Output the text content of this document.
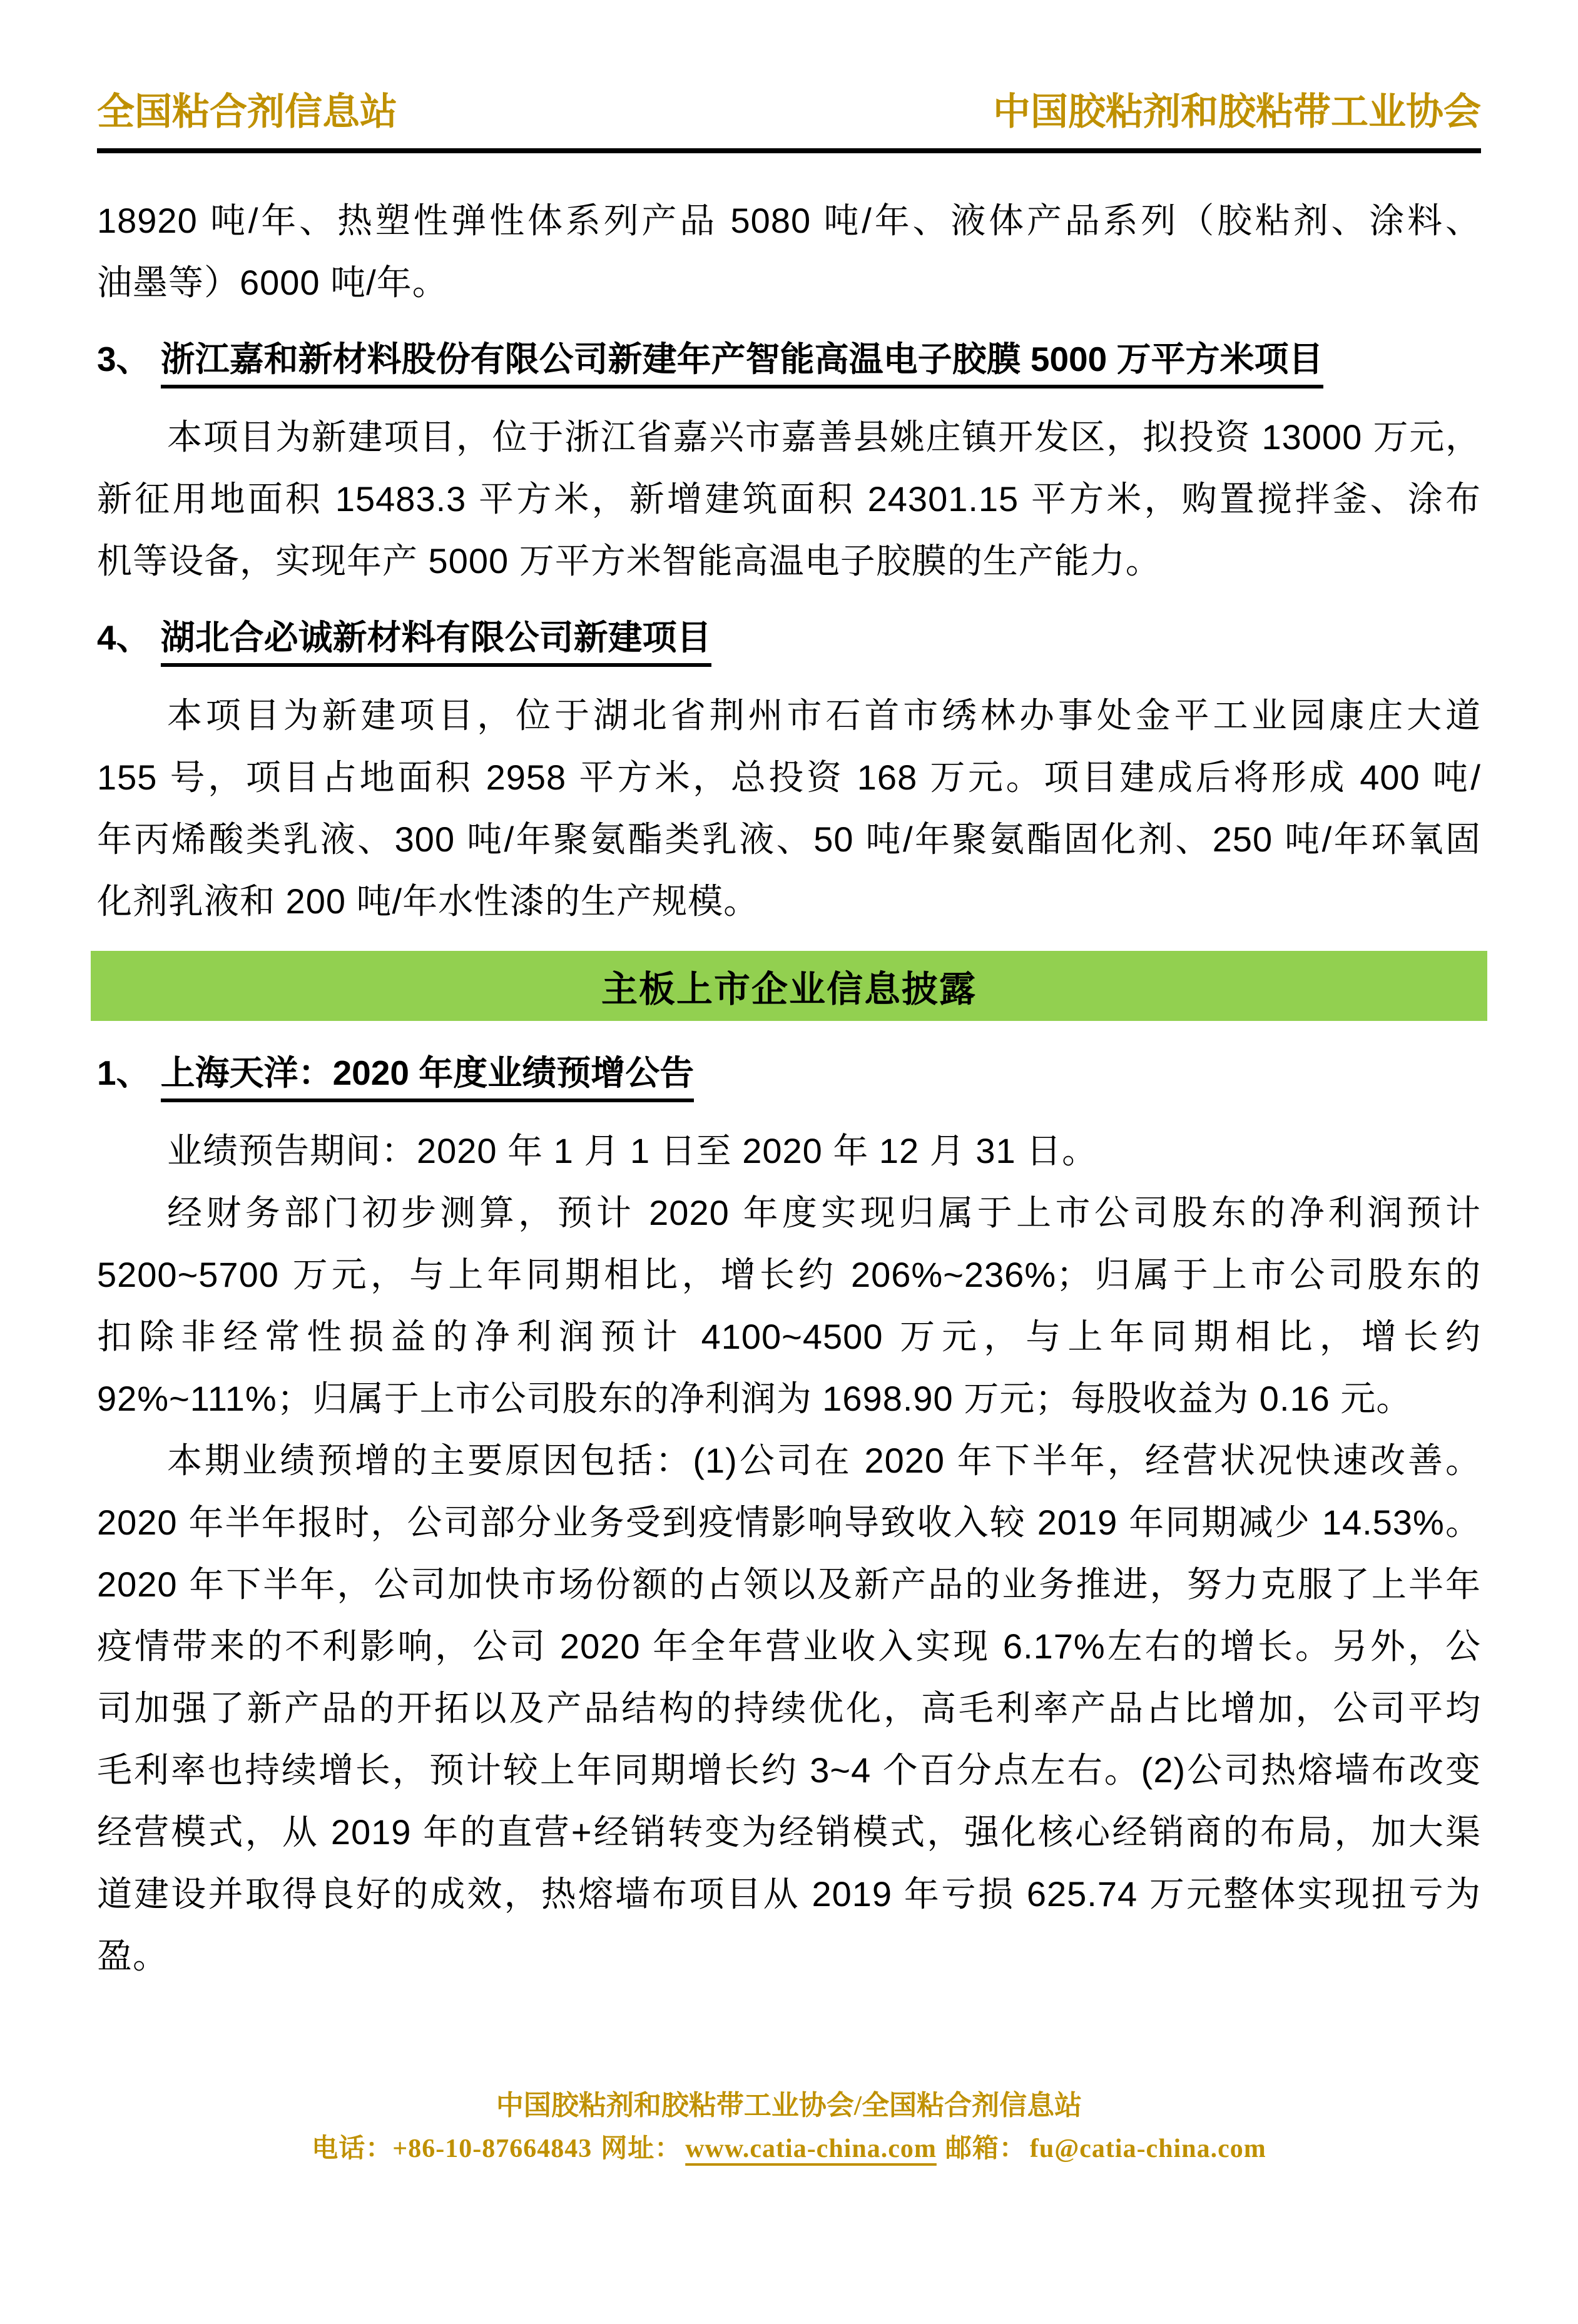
全国粘合剂信息站	中国胶粘剂和胶粘带工业协会
18920 吨/年、热塑性弹性体系列产品 5080 吨/年、液体产品系列（胶粘剂、涂料、
油墨等）6000 吨/年。
3、 浙江嘉和新材料股份有限公司新建年产智能高温电子胶膜 5000 万平方米项目
本项目为新建项目，位于浙江省嘉兴市嘉善县姚庄镇开发区，拟投资 13000 万元，
新征用地面积 15483.3 平方米，新增建筑面积 24301.15 平方米，购置搅拌釜、涂布
机等设备，实现年产 5000 万平方米智能高温电子胶膜的生产能力。
4、 湖北合必诚新材料有限公司新建项目
本项目为新建项目，位于湖北省荆州市石首市绣林办事处金平工业园康庄大道
155 号，项目占地面积 2958 平方米，总投资 168 万元。项目建成后将形成 400 吨/
年丙烯酸类乳液、300 吨/年聚氨酯类乳液、50 吨/年聚氨酯固化剂、250 吨/年环氧固
化剂乳液和 200 吨/年水性漆的生产规模。
主板上市企业信息披露
1、 上海天洋：2020 年度业绩预增公告
业绩预告期间：2020 年 1 月 1 日至 2020 年 12 月 31 日。
经财务部门初步测算，预计 2020 年度实现归属于上市公司股东的净利润预计
5200~5700 万元，与上年同期相比，增长约 206%~236%；归属于上市公司股东的
扣除非经常性损益的净利润预计 4100~4500 万元，与上年同期相比，增长约
92%~111%；归属于上市公司股东的净利润为 1698.90 万元；每股收益为 0.16 元。
本期业绩预增的主要原因包括：(1)公司在 2020 年下半年，经营状况快速改善。
2020 年半年报时，公司部分业务受到疫情影响导致收入较 2019 年同期减少 14.53%。
2020 年下半年，公司加快市场份额的占领以及新产品的业务推进，努力克服了上半年
疫情带来的不利影响，公司 2020 年全年营业收入实现 6.17%左右的增长。另外，公
司加强了新产品的开拓以及产品结构的持续优化，高毛利率产品占比增加，公司平均
毛利率也持续增长，预计较上年同期增长约 3~4 个百分点左右。(2)公司热熔墙布改变
经营模式，从 2019 年的直营+经销转变为经销模式，强化核心经销商的布局，加大渠
道建设并取得良好的成效，热熔墙布项目从 2019 年亏损 625.74 万元整体实现扭亏为
盈。
中国胶粘剂和胶粘带工业协会/全国粘合剂信息站
电话：+86-10-87664843 网址： www.catia-china.com 邮箱： fu@catia-china.com
